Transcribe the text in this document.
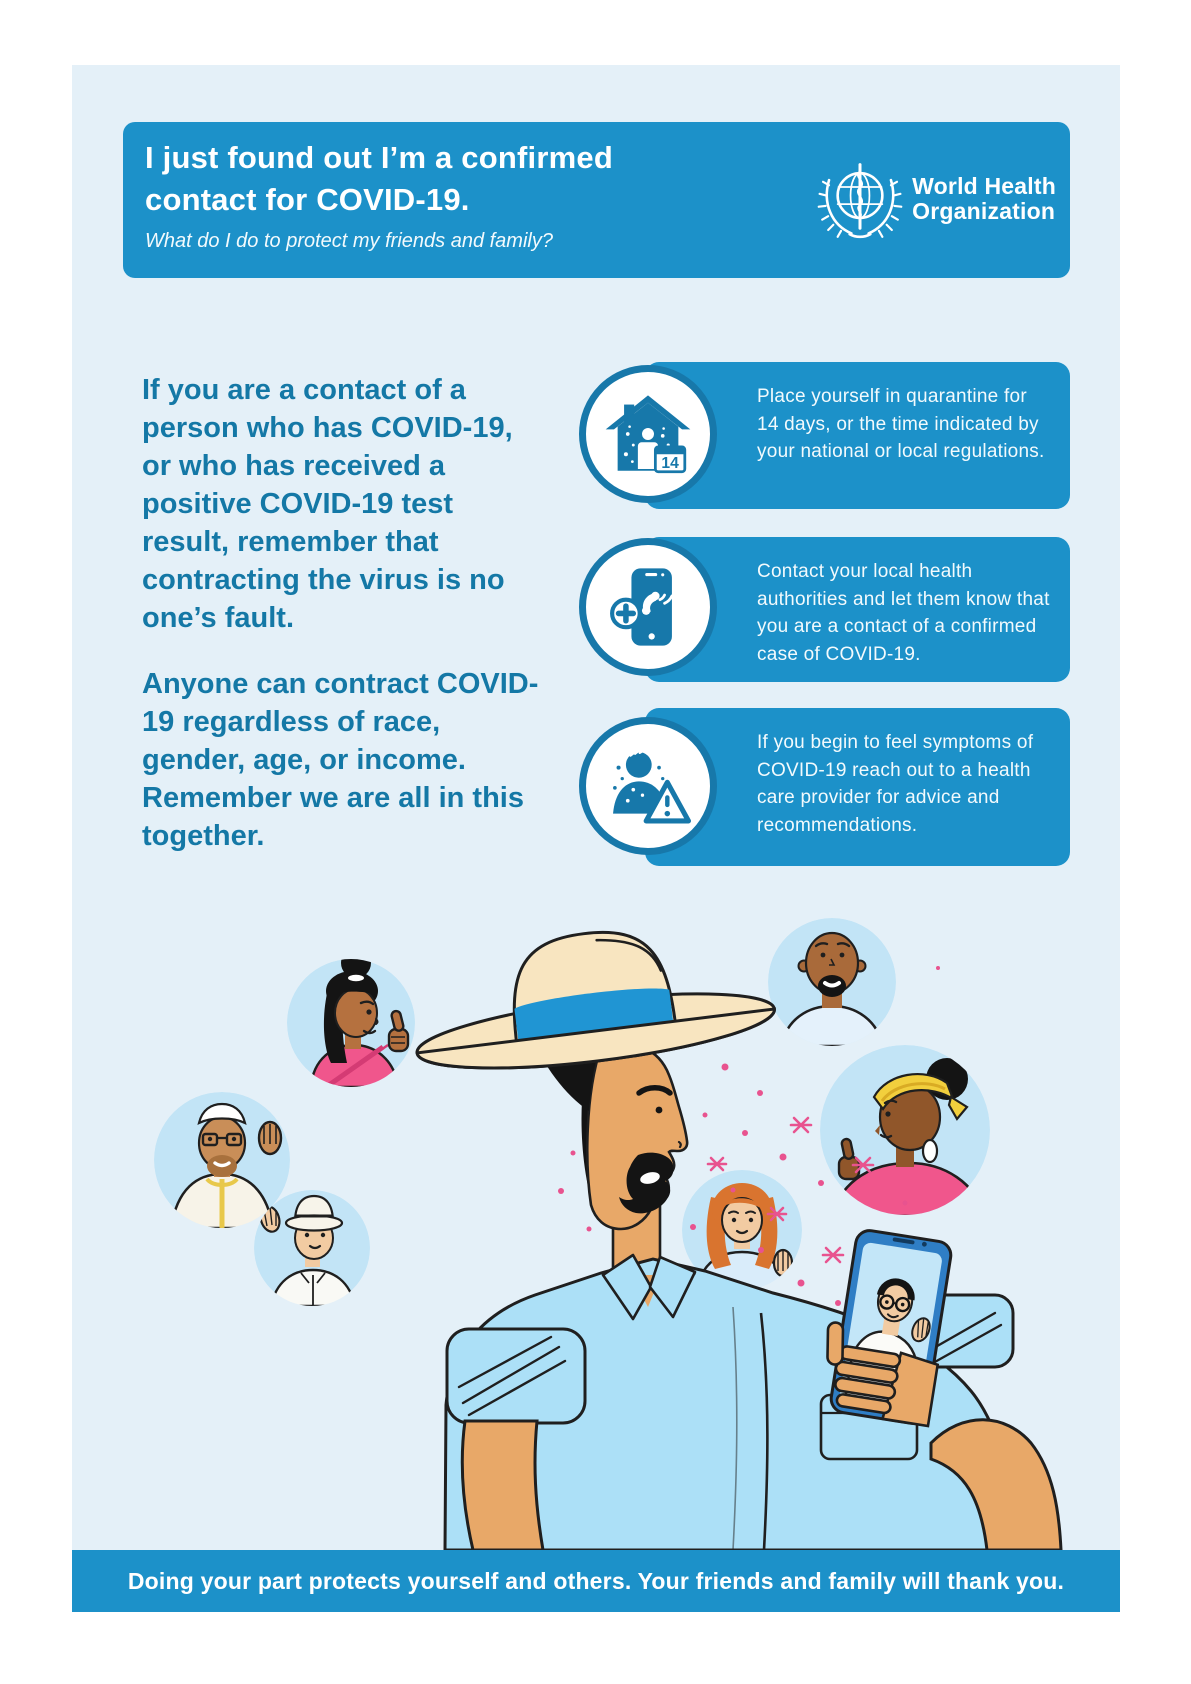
I just found out I’m a confirmed
contact for COVID-19.
What do I do to protect my friends and family?
World Health
Organization

If you are a contact of a person who has COVID-19, or who has received a positive COVID-19 test result, remember that contracting the virus is no one’s fault.

Anyone can contract COVID-19 regardless of race, gender, age, or income. Remember we are all in this together.

Place yourself in quarantine for 14 days, or the time indicated by your national or local regulations.

Contact your local health authorities and let them know that you are a contact of a confirmed case of COVID-19.

If you begin to feel symptoms of COVID-19 reach out to a health care provider for advice and recommendations.

14
Doing your part protects yourself and others. Your friends and family will thank you.
